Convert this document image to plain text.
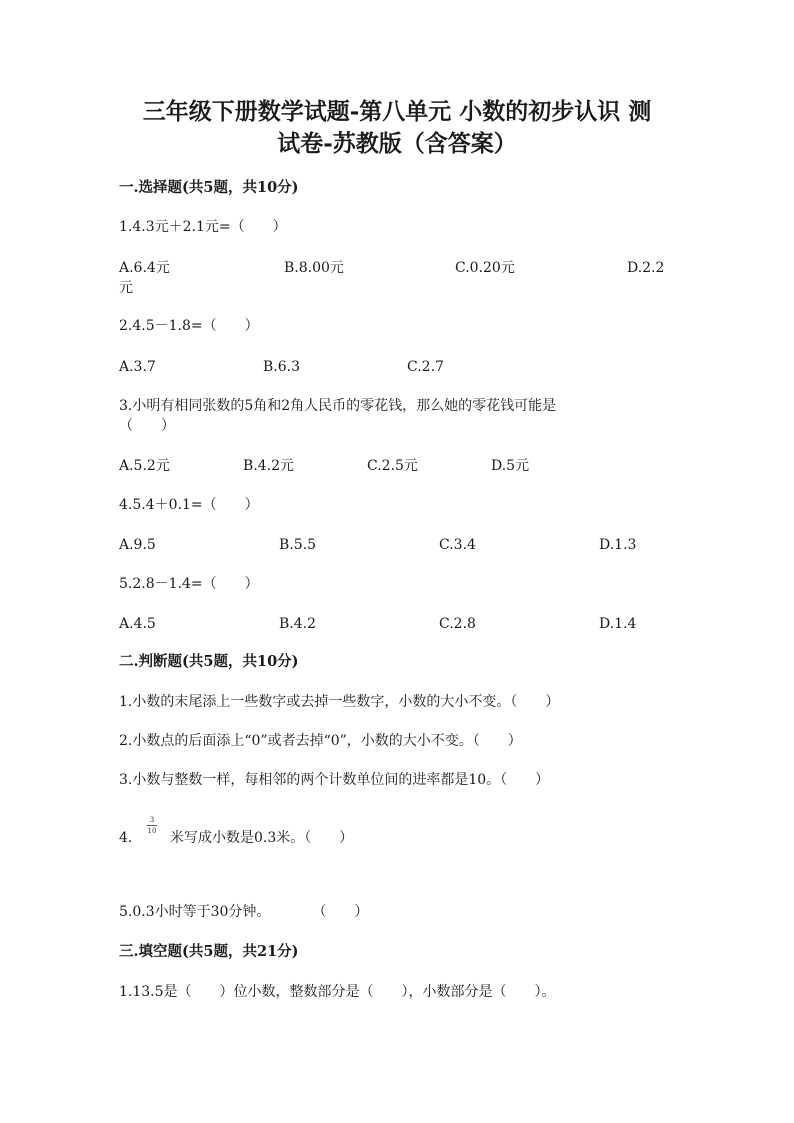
三年级下册数学试题-第八单元 小数的初步认识 测
试卷-苏教版（含答案）
一.选择题(共5题，共10分)
1.4.3元＋2.1元=（　　）
A.6.4元	B.8.00元	C.0.20元	D.2.2
元
2.4.5－1.8=（　　）
A.3.7	B.6.3	C.2.7
3.小明有相同张数的5角和2角人民币的零花钱，那么她的零花钱可能是
（　　）
A.5.2元	B.4.2元	C.2.5元	D.5元
4.5.4＋0.1=（　　）
A.9.5	B.5.5	C.3.4	D.1.3
5.2.8－1.4=（　　）
A.4.5	B.4.2	C.2.8	D.1.4
二.判断题(共5题，共10分)
1.小数的末尾添上一些数字或去掉一些数字，小数的大小不变。（　　）
2.小数点的后面添上“0”或者去掉“0”，小数的大小不变。（　　）
3.小数与整数一样，每相邻的两个计数单位间的进率都是10。（　　）
4.
3
10 米写成小数是0.3米。（　　）
5.0.3小时等于30分钟。　　　　（　　）
三.填空题(共5题，共21分)
1.13.5是（　　）位小数，整数部分是（　　），小数部分是（　　）。
